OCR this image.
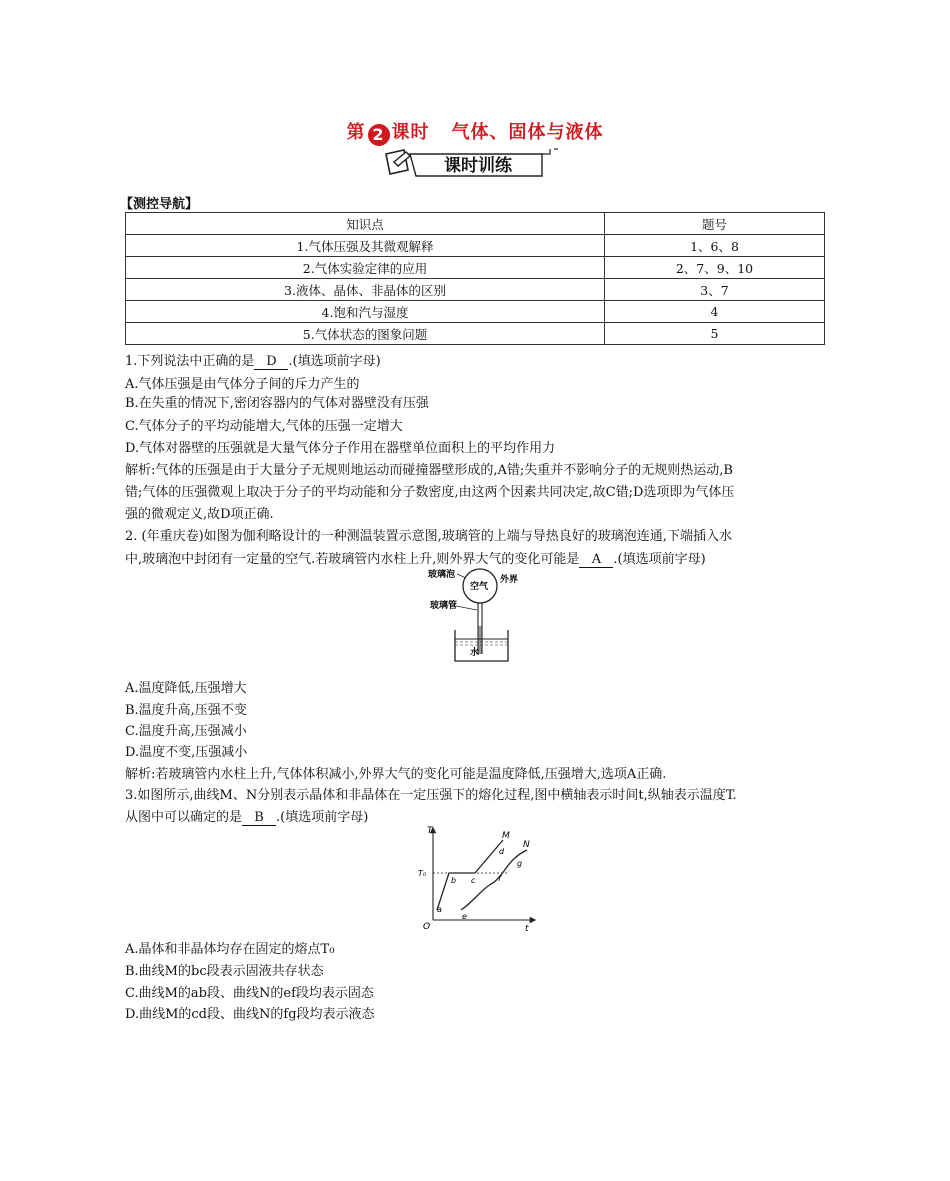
第 2 课时 气体、固体与液体
课时训练
【测控导航】
知识点	题号
1.气体压强及其微观解释	1、6、8
2.气体实验定律的应用	2、7、9、10
3.液体、晶体、非晶体的区别	3、7
4.饱和汽与湿度	4
5.气体状态的图象问题	5
1.下列说法中正确的是 D .(填选项前字母)
A.气体压强是由气体分子间的斥力产生的
B.在失重的情况下,密闭容器内的气体对器壁没有压强
C.气体分子的平均动能增大,气体的压强一定增大
D.气体对器壁的压强就是大量气体分子作用在器壁单位面积上的平均作用力
解析:气体的压强是由于大量分子无规则地运动而碰撞器壁形成的,A错;失重并不影响分子的无规则热运动,B
错;气体的压强微观上取决于分子的平均动能和分子数密度,由这两个因素共同决定,故C错;D选项即为气体压
强的微观定义,故D项正确.
2. (年重庆卷)如图为伽利略设计的一种测温装置示意图,玻璃管的上端与导热良好的玻璃泡连通,下端插入水
中,玻璃泡中封闭有一定量的空气.若玻璃管内水柱上升,则外界大气的变化可能是 A .(填选项前字母)
玻璃泡
空气
外界
玻璃管
水
A.温度降低,压强增大
B.温度升高,压强不变
C.温度升高,压强减小
D.温度不变,压强减小
解析:若玻璃管内水柱上升,气体体积减小,外界大气的变化可能是温度降低,压强增大,选项A正确.
3.如图所示,曲线M、N分别表示晶体和非晶体在一定压强下的熔化过程,图中横轴表示时间t,纵轴表示温度T.
从图中可以确定的是 B .(填选项前字母)
T
t
O
T₀
M
N
a
b c
d
e
f
g
A.晶体和非晶体均存在固定的熔点T₀
B.曲线M的bc段表示固液共存状态
C.曲线M的ab段、曲线N的ef段均表示固态
D.曲线M的cd段、曲线N的fg段均表示液态
